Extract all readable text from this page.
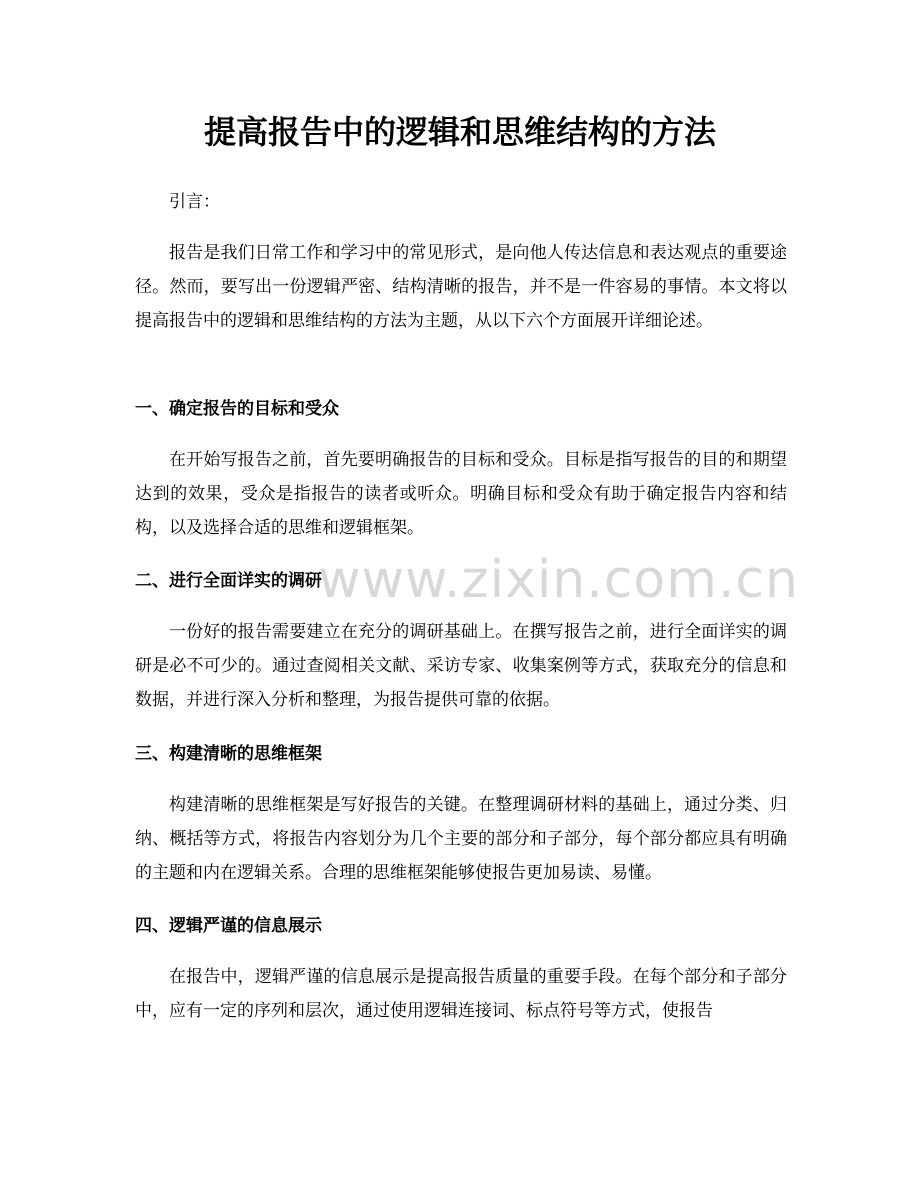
提高报告中的逻辑和思维结构的方法

引言：

报告是我们日常工作和学习中的常见形式，是向他人传达信息和表达观点的重要途径。然而，要写出一份逻辑严密、结构清晰的报告，并不是一件容易的事情。本文将以提高报告中的逻辑和思维结构的方法为主题，从以下六个方面展开详细论述。

一、确定报告的目标和受众

在开始写报告之前，首先要明确报告的目标和受众。目标是指写报告的目的和期望达到的效果，受众是指报告的读者或听众。明确目标和受众有助于确定报告内容和结构，以及选择合适的思维和逻辑框架。

二、进行全面详实的调研

一份好的报告需要建立在充分的调研基础上。在撰写报告之前，进行全面详实的调研是必不可少的。通过查阅相关文献、采访专家、收集案例等方式，获取充分的信息和数据，并进行深入分析和整理，为报告提供可靠的依据。

三、构建清晰的思维框架

构建清晰的思维框架是写好报告的关键。在整理调研材料的基础上，通过分类、归纳、概括等方式，将报告内容划分为几个主要的部分和子部分，每个部分都应具有明确的主题和内在逻辑关系。合理的思维框架能够使报告更加易读、易懂。

四、逻辑严谨的信息展示

在报告中，逻辑严谨的信息展示是提高报告质量的重要手段。在每个部分和子部分中，应有一定的序列和层次，通过使用逻辑连接词、标点符号等方式，使报告

www.zixin.com.cn
